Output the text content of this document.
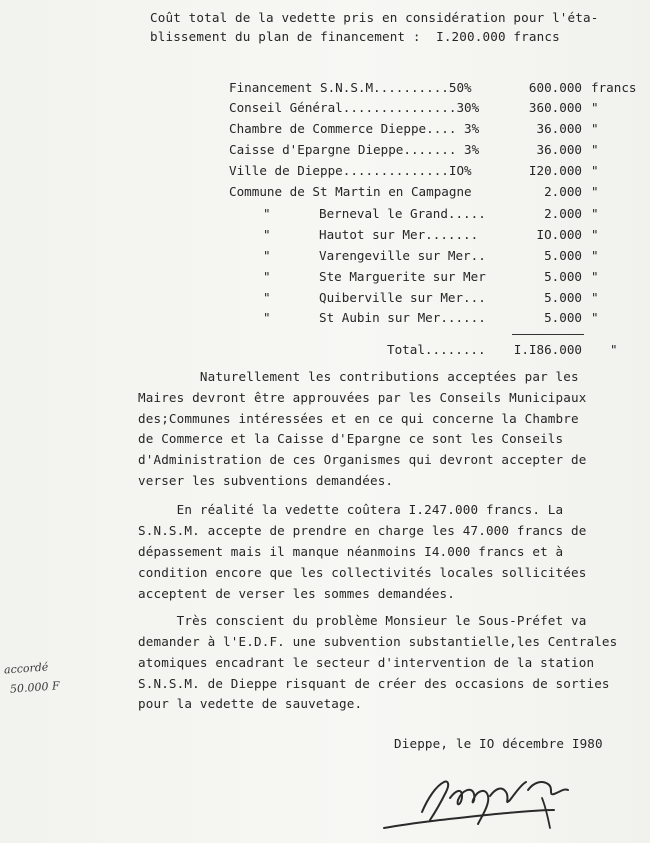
Coût total de la vedette pris en considération pour l'éta-
blissement du plan de financement :  I.200.000 francs
Financement S.N.S.M..........50%	600.000 francs
Conseil Général...............30%	360.000 "
Chambre de Commerce Dieppe.... 3%	36.000 "
Caisse d'Epargne Dieppe....... 3%	36.000 "
Ville de Dieppe..............IO%	I20.000 "
Commune de St Martin en Campagne	2.000 "
"	Berneval le Grand.....	2.000 "
"	Hautot sur Mer.......	IO.000 "
"	Varengeville sur Mer..	5.000 "
"	Ste Marguerite sur Mer	5.000 "
"	Quiberville sur Mer...	5.000 "
"	St Aubin sur Mer......	5.000 "
Total........	I.I86.000 "
Naturellement les contributions acceptées par les
Maires devront être approuvées par les Conseils Municipaux
des;Communes intéressées et en ce qui concerne la Chambre
de Commerce et la Caisse d'Epargne ce sont les Conseils
d'Administration de ces Organismes qui devront accepter de
verser les subventions demandées.
En réalité la vedette coûtera I.247.000 francs. La
S.N.S.M. accepte de prendre en charge les 47.000 francs de
dépassement mais il manque néanmoins I4.000 francs et à
condition encore que les collectivités locales sollicitées
acceptent de verser les sommes demandées.
Très conscient du problème Monsieur le Sous-Préfet va
demander à l'E.D.F. une subvention substantielle,les Centrales
atomiques encadrant le secteur d'intervention de la station
S.N.S.M. de Dieppe risquant de créer des occasions de sorties
pour la vedette de sauvetage.
accordé
50.000 F
Dieppe, le IO décembre I980
